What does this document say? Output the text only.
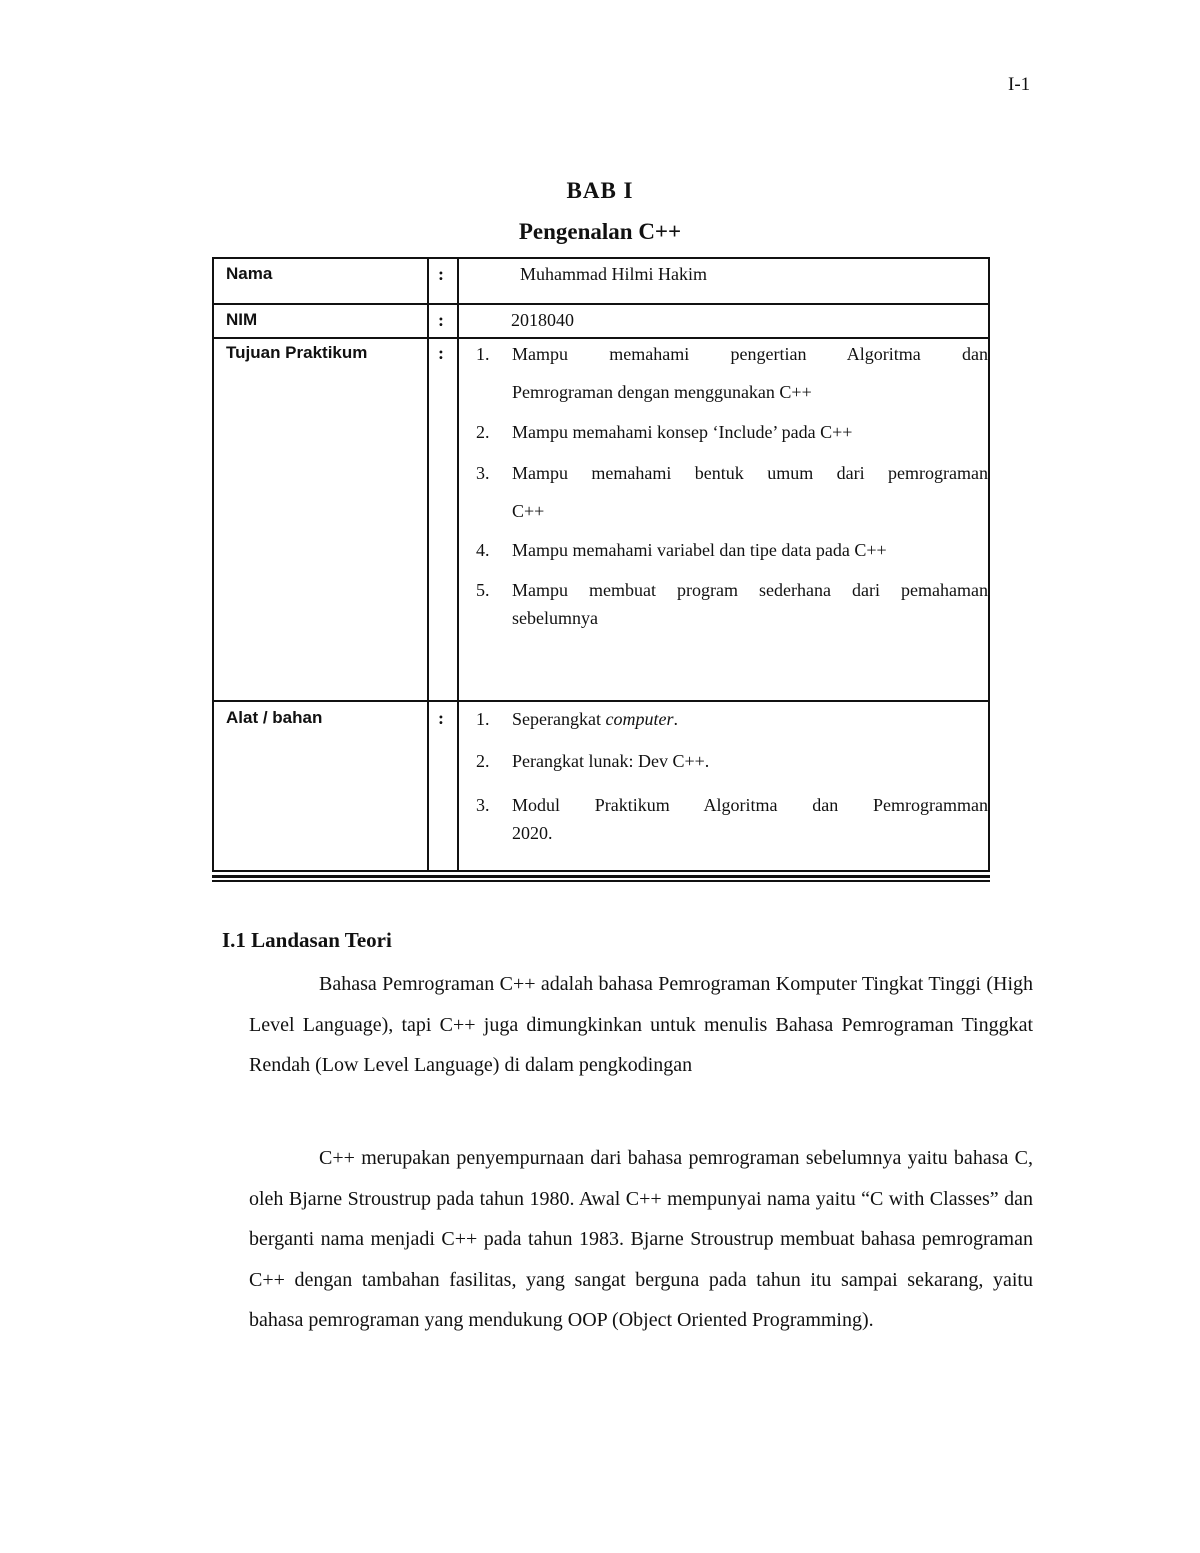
I-1
BAB I
Pengenalan C++
Nama	:	Muhammad Hilmi Hakim
NIM	:	2018040
Tujuan Praktikum	: 1. Mampu memahami pengertian Algoritma dan
Pemrograman dengan menggunakan C++
2. Mampu memahami konsep ‘Include’ pada C++
3. Mampu memahami bentuk umum dari pemrograman
C++
4. Mampu memahami variabel dan tipe data pada C++
5. Mampu membuat program sederhana dari pemahaman
sebelumnya
Alat / bahan	: 1. Seperangkat computer.
2. Perangkat lunak: Dev C++.
3. Modul Praktikum Algoritma dan Pemrogramman
2020.
I.1 Landasan Teori

Bahasa Pemrograman C++ adalah bahasa Pemrograman Komputer Tingkat Tinggi (High Level Language), tapi C++ juga dimungkinkan untuk menulis Bahasa Pemrograman Tinggkat Rendah (Low Level Language) di dalam pengkodingan

C++ merupakan penyempurnaan dari bahasa pemrograman sebelumnya yaitu bahasa C, oleh Bjarne Stroustrup pada tahun 1980. Awal C++ mempunyai nama yaitu “C with Classes” dan berganti nama menjadi C++ pada tahun 1983. Bjarne Stroustrup membuat bahasa pemrograman C++ dengan tambahan fasilitas, yang sangat berguna pada tahun itu sampai sekarang, yaitu bahasa pemrograman yang mendukung OOP (Object Oriented Programming).
